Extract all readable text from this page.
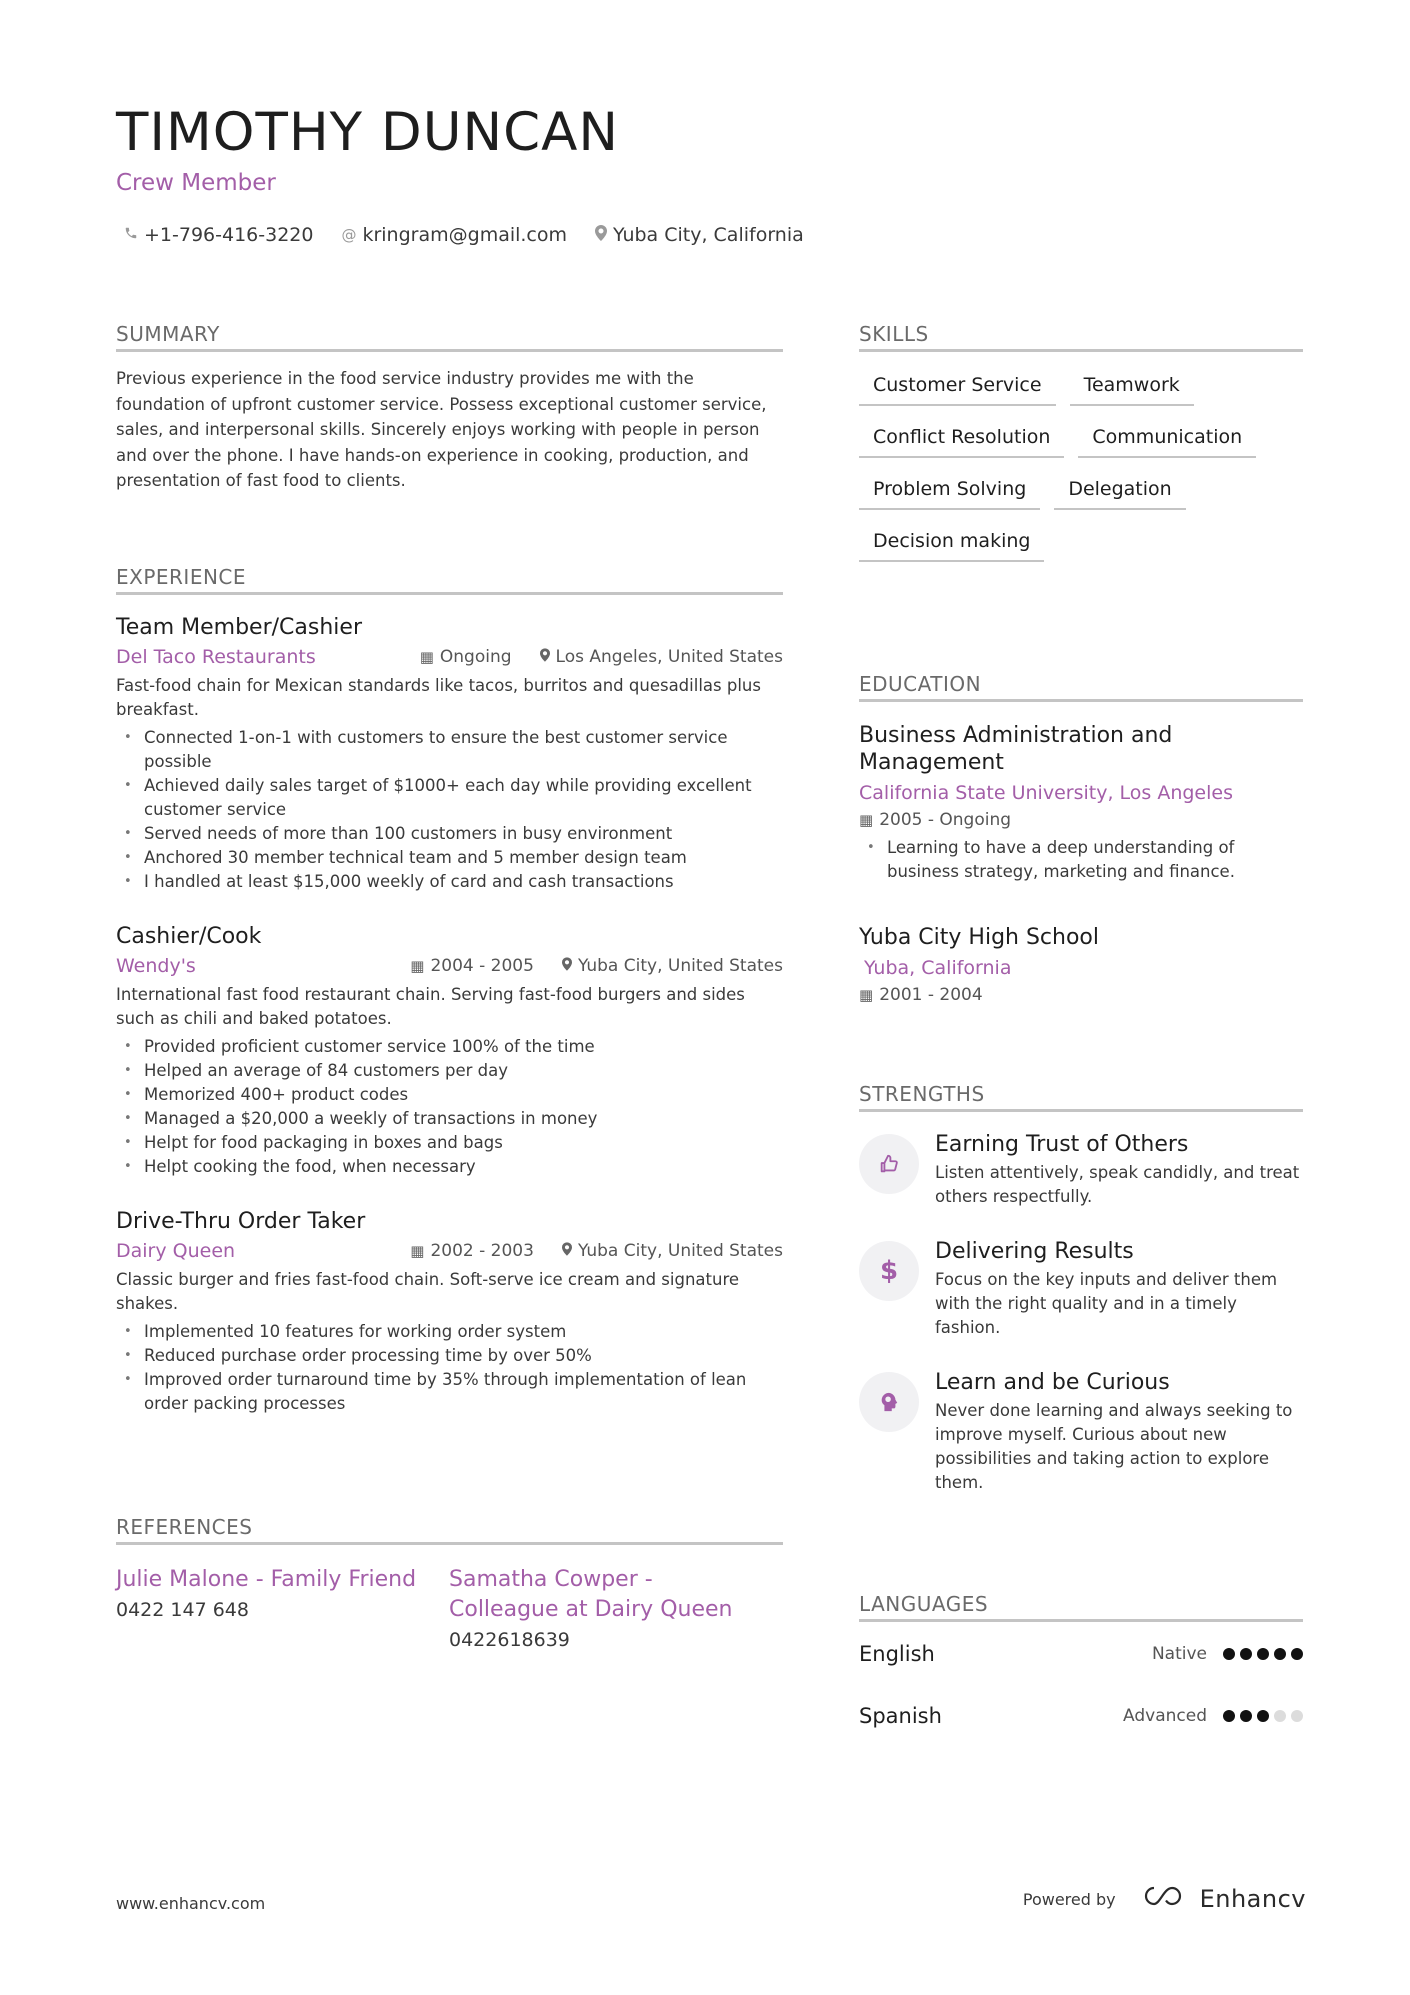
TIMOTHY DUNCAN
Crew Member
+1-796-416-3220 @ kringram@gmail.com Yuba City, California
SUMMARY
Previous experience in the food service industry provides me with the foundation of upfront customer service. Possess exceptional customer service, sales, and interpersonal skills. Sincerely enjoys working with people in person and over the phone. I have hands-on experience in cooking, production, and presentation of fast food to clients.
EXPERIENCE
Team Member/Cashier
Del Taco Restaurants	▦ Ongoing	Los Angeles, United States
Fast-food chain for Mexican standards like tacos, burritos and quesadillas plus breakfast.
• Connected 1-on-1 with customers to ensure the best customer service possible
• Achieved daily sales target of $1000+ each day while providing excellent customer service
• Served needs of more than 100 customers in busy environment
• Anchored 30 member technical team and 5 member design team
• I handled at least $15,000 weekly of card and cash transactions
Cashier/Cook
Wendy's	▦ 2004 - 2005	Yuba City, United States
International fast food restaurant chain. Serving fast-food burgers and sides such as chili and baked potatoes.
• Provided proficient customer service 100% of the time
• Helped an average of 84 customers per day
• Memorized 400+ product codes
• Managed a $20,000 a weekly of transactions in money
• Helpt for food packaging in boxes and bags
• Helpt cooking the food, when necessary
Drive-Thru Order Taker
Dairy Queen	▦ 2002 - 2003	Yuba City, United States
Classic burger and fries fast-food chain. Soft-serve ice cream and signature shakes.
• Implemented 10 features for working order system
• Reduced purchase order processing time by over 50%
• Improved order turnaround time by 35% through implementation of lean order packing processes
REFERENCES
Julie Malone - Family Friend
0422 147 648
Samatha Cowper - Colleague at Dairy Queen
0422618639
SKILLS
Customer Service	Teamwork
Conflict Resolution	Communication
Problem Solving	Delegation
Decision making
EDUCATION
Business Administration and Management
California State University, Los Angeles
▦ 2005 - Ongoing
• Learning to have a deep understanding of business strategy, marketing and finance.
Yuba City High School
Yuba, California
▦ 2001 - 2004
STRENGTHS
Earning Trust of Others
Listen attentively, speak candidly, and treat others respectfully.
$
Delivering Results
Focus on the key inputs and deliver them with the right quality and in a timely fashion.
Learn and be Curious
Never done learning and always seeking to improve myself. Curious about new possibilities and taking action to explore them.
LANGUAGES
English	Native
Spanish	Advanced
www.enhancv.com	Powered by	Enhancv
